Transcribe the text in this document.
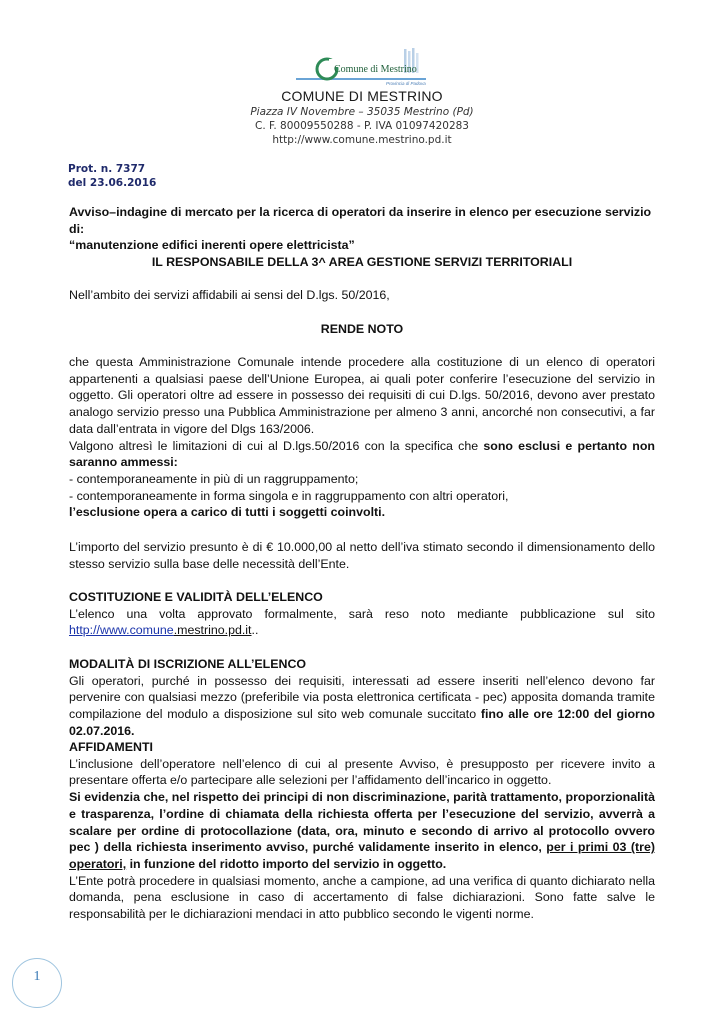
Comune di Mestrino
Provincia di Padova
COMUNE DI MESTRINO
Piazza IV Novembre – 35035 Mestrino (Pd)
C. F. 80009550288 - P. IVA 01097420283
http://www.comune.mestrino.pd.it
Prot. n. 7377
del 23.06.2016
Avviso–indagine di mercato per la ricerca di operatori da inserire in elenco per esecuzione servizio di:
“manutenzione edifici inerenti opere elettricista”
IL RESPONSABILE DELLA 3^ AREA GESTIONE SERVIZI TERRITORIALI
Nell’ambito dei servizi affidabili ai sensi del D.lgs. 50/2016,
RENDE NOTO
che questa Amministrazione Comunale intende procedere alla costituzione di un elenco di operatori appartenenti a qualsiasi paese dell’Unione Europea, ai quali poter conferire l’esecuzione del servizio in oggetto. Gli operatori oltre ad essere in possesso dei requisiti di cui D.lgs. 50/2016, devono aver prestato analogo servizio presso una Pubblica Amministrazione per almeno 3 anni, ancorché non consecutivi, a far data dall’entrata in vigore del Dlgs 163/2006.
Valgono altresì le limitazioni di cui al D.lgs.50/2016 con la specifica che sono esclusi e pertanto non saranno ammessi:
- contemporaneamente in più di un raggruppamento;
- contemporaneamente in forma singola e in raggruppamento con altri operatori,
l’esclusione opera a carico di tutti i soggetti coinvolti.
L’importo del servizio presunto è di € 10.000,00 al netto dell’iva stimato secondo il dimensionamento dello stesso servizio sulla base delle necessità dell’Ente.
COSTITUZIONE E VALIDITÀ DELL’ELENCO
L’elenco una volta approvato formalmente, sarà reso noto mediante pubblicazione sul sito
http://www.comune.mestrino.pd.it..
MODALITÀ DI ISCRIZIONE ALL’ELENCO
Gli operatori, purché in possesso dei requisiti, interessati ad essere inseriti nell’elenco devono far pervenire con qualsiasi mezzo (preferibile via posta elettronica certificata - pec) apposita domanda tramite compilazione del modulo a disposizione sul sito web comunale succitato fino alle ore 12:00 del giorno 02.07.2016.
AFFIDAMENTI
L’inclusione dell’operatore nell’elenco di cui al presente Avviso, è presupposto per ricevere invito a presentare offerta e/o partecipare alle selezioni per l’affidamento dell’incarico in oggetto.
Si evidenzia che, nel rispetto dei principi di non discriminazione, parità trattamento, proporzionalità e trasparenza, l’ordine di chiamata della richiesta offerta per l’esecuzione del servizio, avverrà a scalare per ordine di protocollazione (data, ora, minuto e secondo di arrivo al protocollo ovvero pec ) della richiesta inserimento avviso, purché validamente inserito in elenco, per i primi 03 (tre) operatori, in funzione del ridotto importo del servizio in oggetto.
L’Ente potrà procedere in qualsiasi momento, anche a campione, ad una verifica di quanto dichiarato nella domanda, pena esclusione in caso di accertamento di false dichiarazioni. Sono fatte salve le responsabilità per le dichiarazioni mendaci in atto pubblico secondo le vigenti norme.
1
